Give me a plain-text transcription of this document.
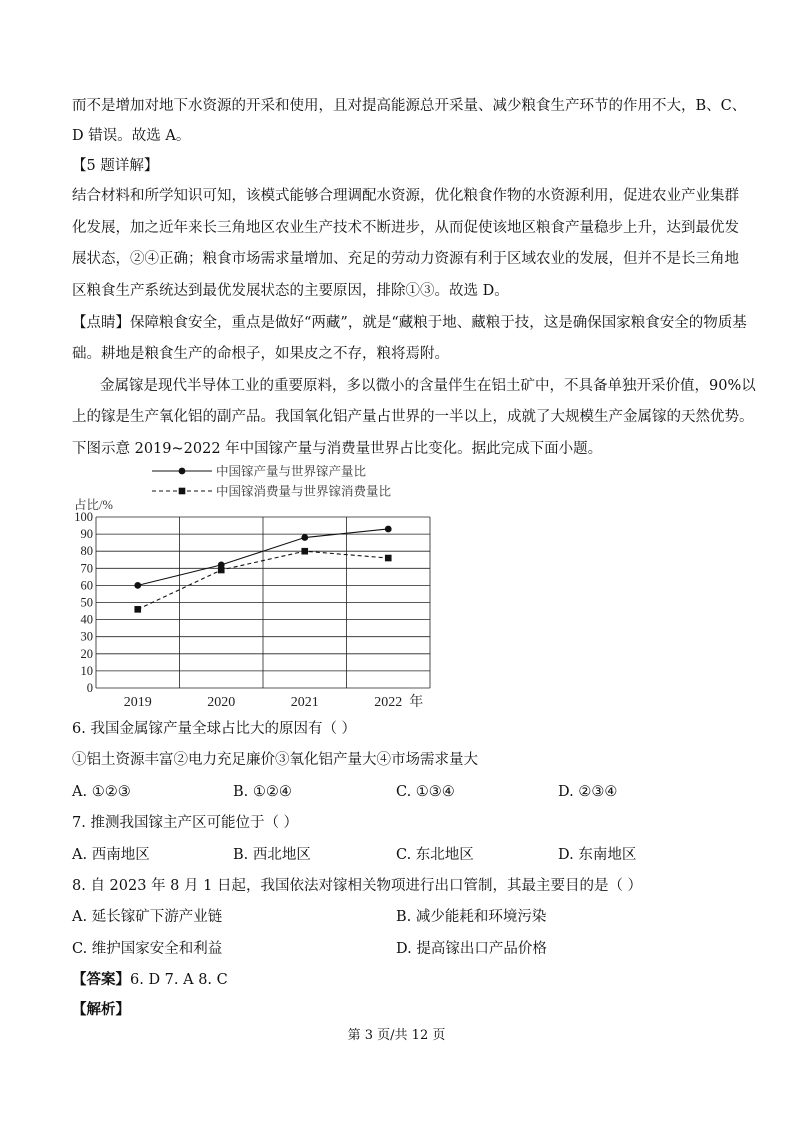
而不是增加对地下水资源的开采和使用，且对提高能源总开采量、减少粮食生产环节的作用不大，B、C、
D 错误。故选 A。
【5 题详解】
结合材料和所学知识可知，该模式能够合理调配水资源，优化粮食作物的水资源利用，促进农业产业集群
化发展，加之近年来长三角地区农业生产技术不断进步，从而促使该地区粮食产量稳步上升，达到最优发
展状态，②④正确；粮食市场需求量增加、充足的劳动力资源有利于区域农业的发展，但并不是长三角地
区粮食生产系统达到最优发展状态的主要原因，排除①③。故选 D。
【点睛】保障粮食安全，重点是做好“两藏”，就是“藏粮于地、藏粮于技，这是确保国家粮食安全的物质基
础。耕地是粮食生产的命根子，如果皮之不存，粮将焉附。
金属镓是现代半导体工业的重要原料，多以微小的含量伴生在铝土矿中，不具备单独开采价值，90%以
上的镓是生产氧化铝的副产品。我国氧化铝产量占世界的一半以上，成就了大规模生产金属镓的天然优势。
下图示意 2019~2022 年中国镓产量与消费量世界占比变化。据此完成下面小题。
中国镓产量与世界镓产量比
中国镓消费量与世界镓消费量比
占比/%
0
10
20
30
40
50
60
70
80
90
100
2019	2020	2021	2022 年
6. 我国金属镓产量全球占比大的原因有（ ）
①铝土资源丰富②电力充足廉价③氧化铝产量大④市场需求量大
A. ①②③	B. ①②④	C. ①③④	D. ②③④
7. 推测我国镓主产区可能位于（ ）
A. 西南地区	B. 西北地区	C. 东北地区	D. 东南地区
8. 自 2023 年 8 月 1 日起，我国依法对镓相关物项进行出口管制，其最主要目的是（ ）
A. 延长镓矿下游产业链	B. 减少能耗和环境污染
C. 维护国家安全和利益	D. 提高镓出口产品价格
【答案】6. D 7. A 8. C
【解析】
第 3 页/共 12 页
